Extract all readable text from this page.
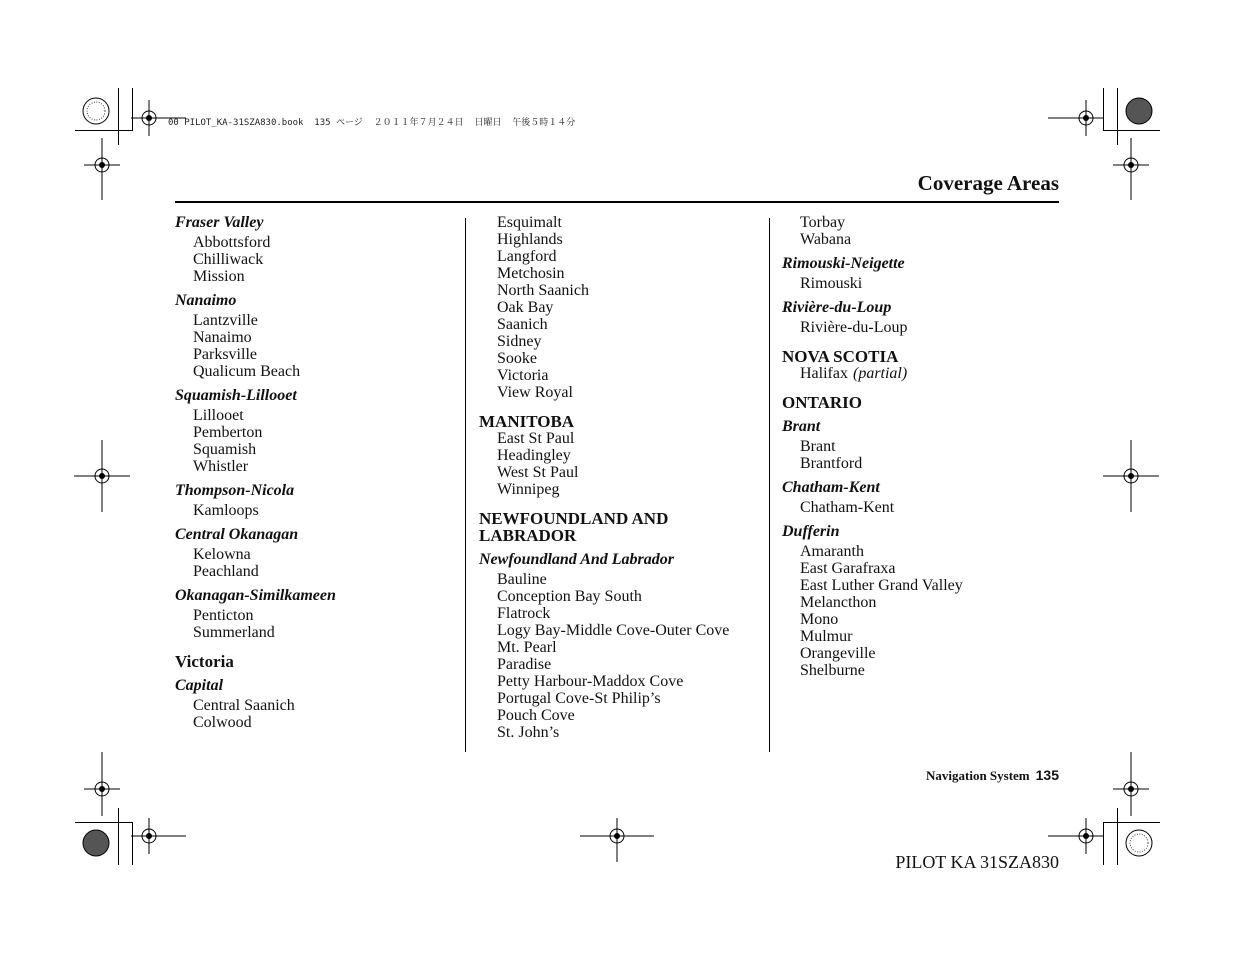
00 PILOT_KA-31SZA830.book  135 ページ  ２０１１年７月２４日  日曜日  午後５時１４分
Coverage Areas
Fraser Valley
Abbottsford
Chilliwack
Mission
Nanaimo
Lantzville
Nanaimo
Parksville
Qualicum Beach
Squamish-Lillooet
Lillooet
Pemberton
Squamish
Whistler
Thompson-Nicola
Kamloops
Central Okanagan
Kelowna
Peachland
Okanagan-Similkameen
Penticton
Summerland
Victoria
Capital
Central Saanich
Colwood
Esquimalt
Highlands
Langford
Metchosin
North Saanich
Oak Bay
Saanich
Sidney
Sooke
Victoria
View Royal
MANITOBA
East St Paul
Headingley
West St Paul
Winnipeg
NEWFOUNDLAND AND LABRADOR
Newfoundland And Labrador
Bauline
Conception Bay South
Flatrock
Logy Bay-Middle Cove-Outer Cove
Mt. Pearl
Paradise
Petty Harbour-Maddox Cove
Portugal Cove-St Philip’s
Pouch Cove
St. John’s
Torbay
Wabana
Rimouski-Neigette
Rimouski
Rivière-du-Loup
Rivière-du-Loup
NOVA SCOTIA
Halifax (partial)
ONTARIO
Brant
Brant
Brantford
Chatham-Kent
Chatham-Kent
Dufferin
Amaranth
East Garafraxa
East Luther Grand Valley
Melancthon
Mono
Mulmur
Orangeville
Shelburne
Navigation System 135
PILOT KA 31SZA830
